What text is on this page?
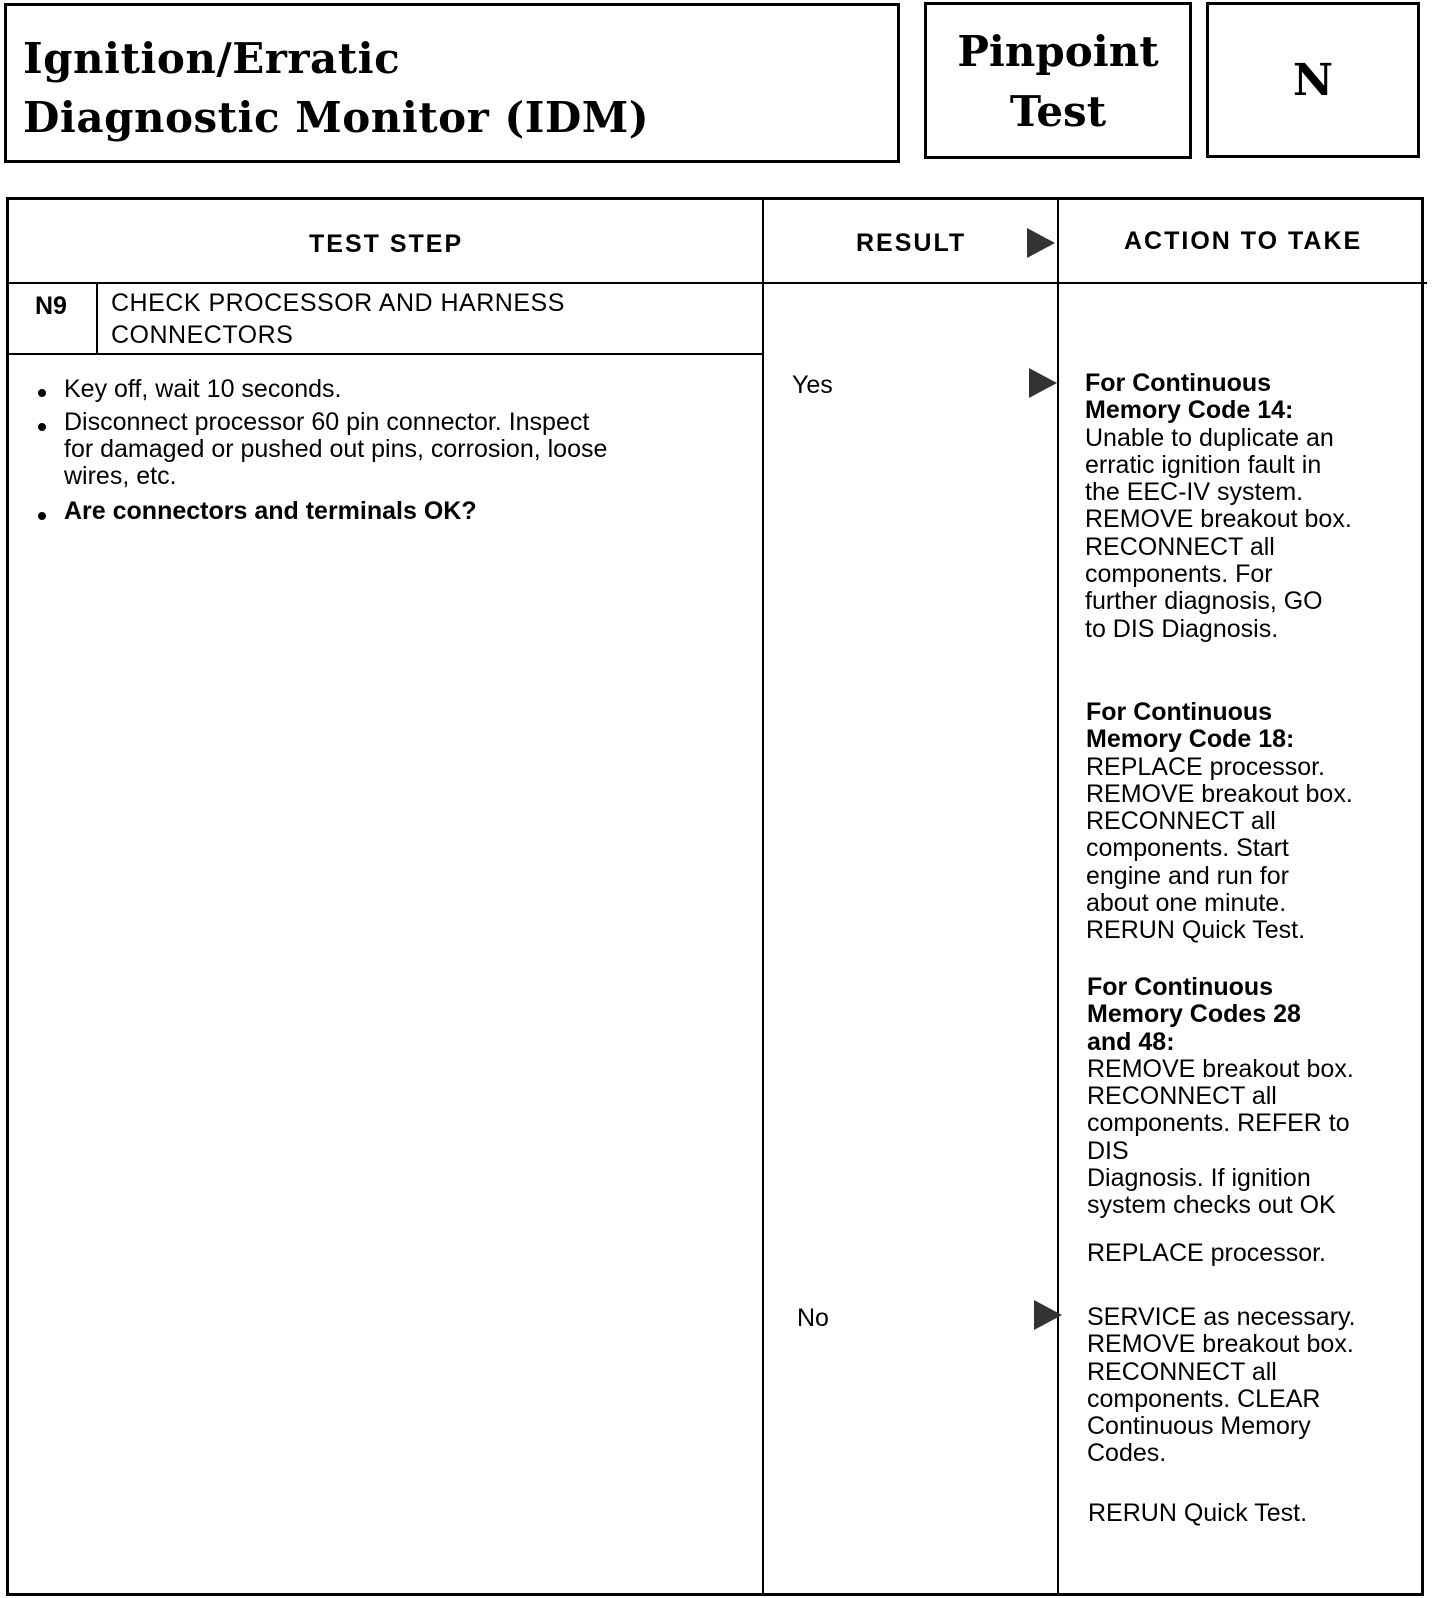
Ignition/Erratic
Diagnostic Monitor (IDM)
Pinpoint
Test
N
TEST STEP	RESULT	ACTION TO TAKE
N9 CHECK PROCESSOR AND HARNESS
CONNECTORS
Key off, wait 10 seconds.
Disconnect processor 60 pin connector. Inspect
for damaged or pushed out pins, corrosion, loose
wires, etc.
Are connectors and terminals OK?
Yes
No
For Continuous
Memory Code 14:
Unable to duplicate an
erratic ignition fault in
the EEC-IV system.
REMOVE breakout box.
RECONNECT all
components. For
further diagnosis, GO
to DIS Diagnosis.
For Continuous
Memory Code 18:
REPLACE processor.
REMOVE breakout box.
RECONNECT all
components. Start
engine and run for
about one minute.
RERUN Quick Test.
For Continuous
Memory Codes 28
and 48:
REMOVE breakout box.
RECONNECT all
components. REFER to
DIS
Diagnosis. If ignition
system checks out OK
REPLACE processor.
SERVICE as necessary.
REMOVE breakout box.
RECONNECT all
components. CLEAR
Continuous Memory
Codes.
RERUN Quick Test.
